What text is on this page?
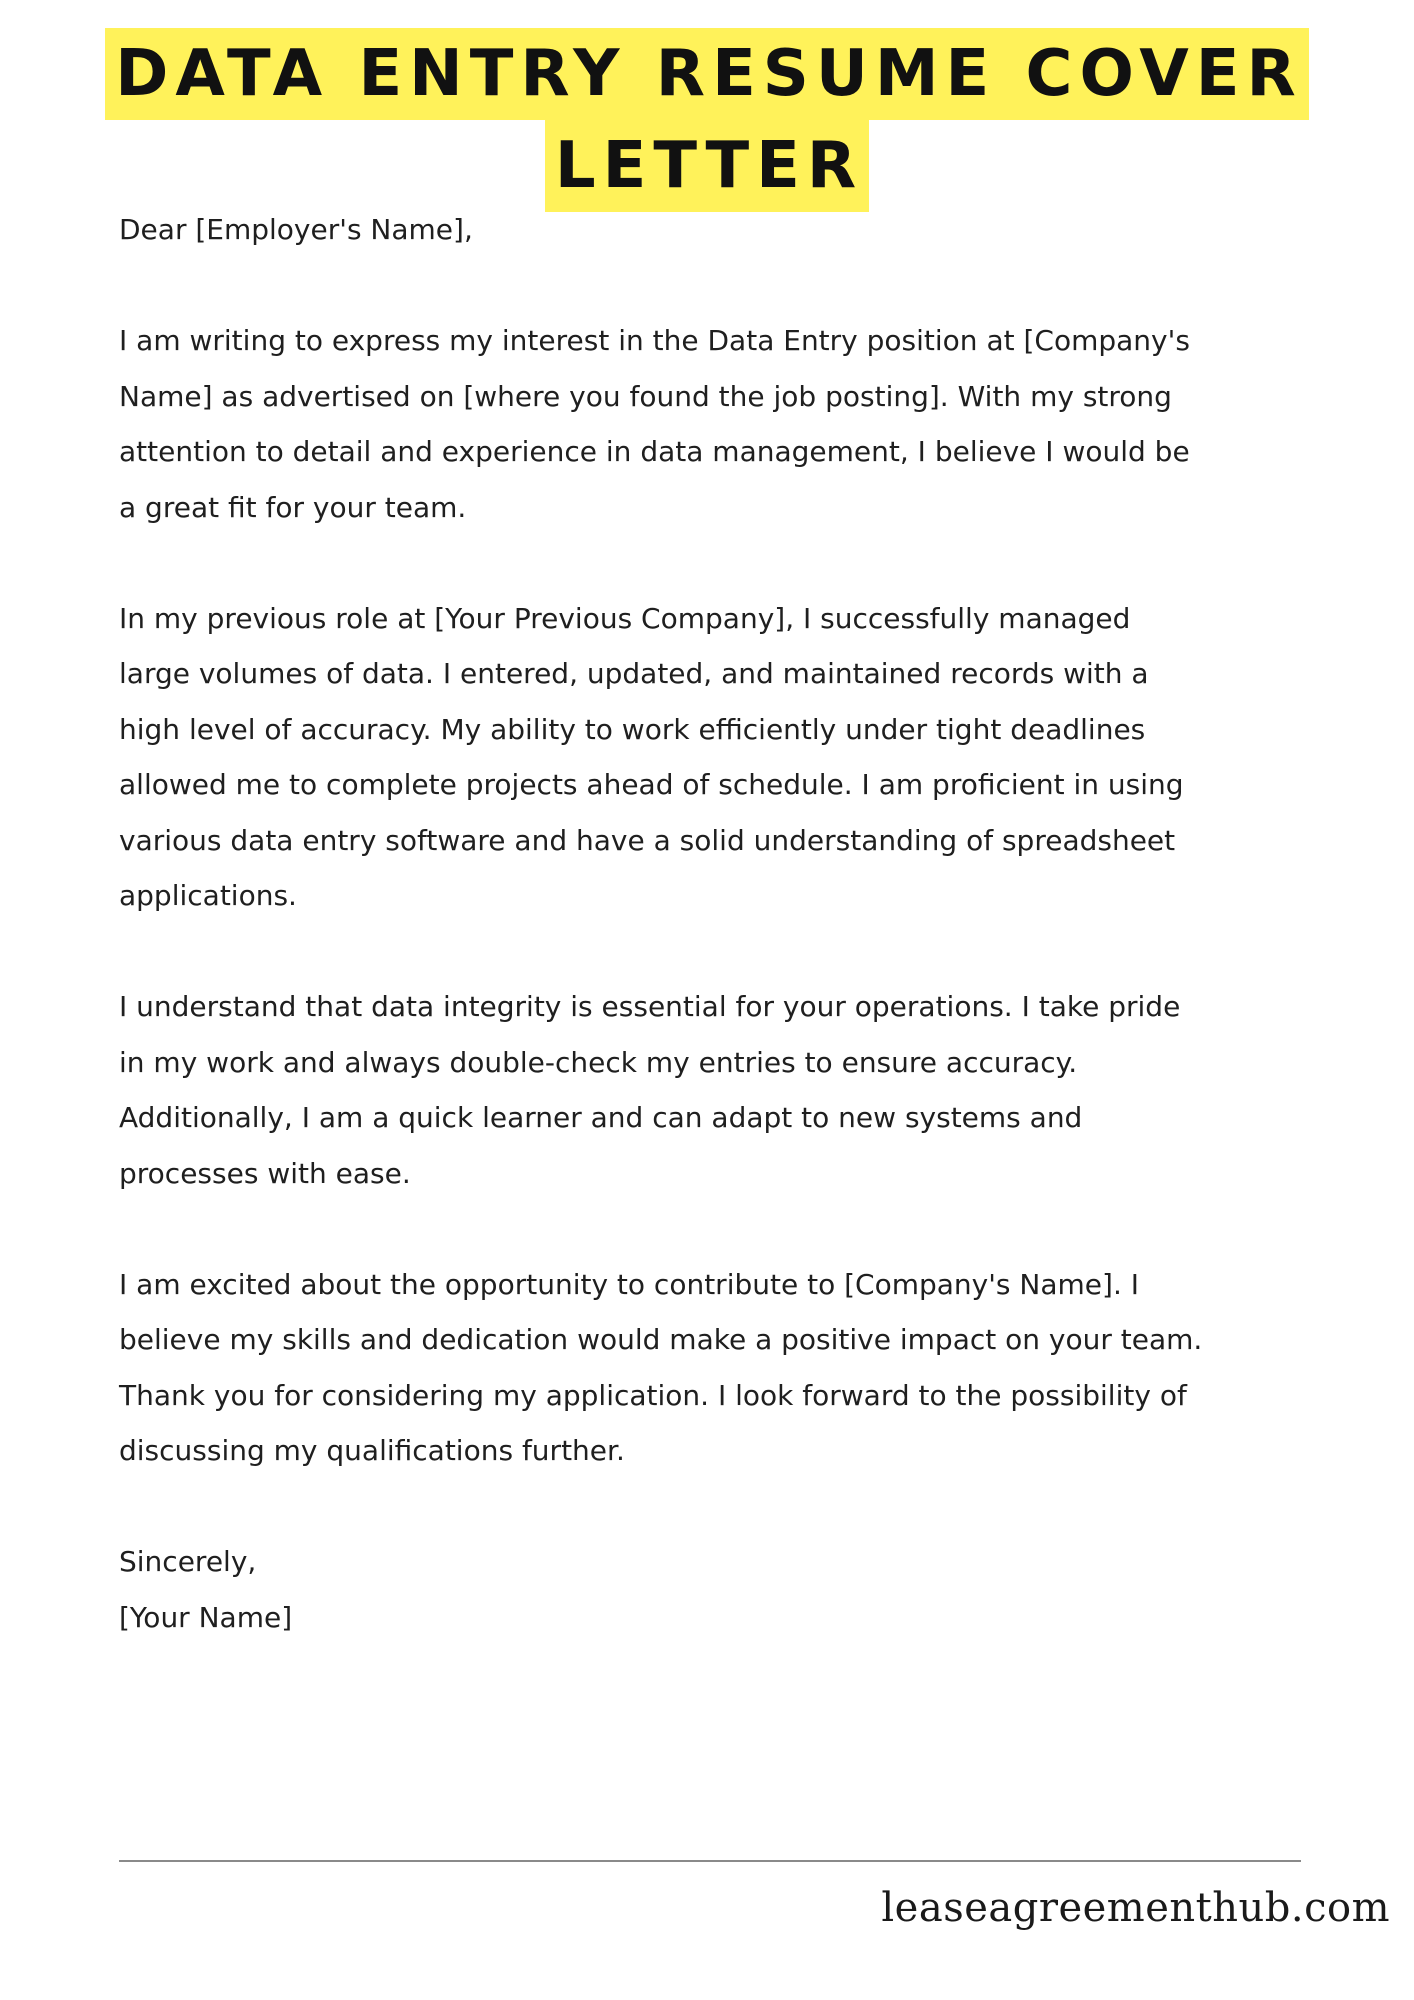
DATA ENTRY RESUME COVER
LETTER

Dear [Employer's Name],

I am writing to express my interest in the Data Entry position at [Company's
Name] as advertised on [where you found the job posting]. With my strong
attention to detail and experience in data management, I believe I would be
a great fit for your team.

In my previous role at [Your Previous Company], I successfully managed
large volumes of data. I entered, updated, and maintained records with a
high level of accuracy. My ability to work efficiently under tight deadlines
allowed me to complete projects ahead of schedule. I am proficient in using
various data entry software and have a solid understanding of spreadsheet
applications.

I understand that data integrity is essential for your operations. I take pride
in my work and always double-check my entries to ensure accuracy.
Additionally, I am a quick learner and can adapt to new systems and
processes with ease.

I am excited about the opportunity to contribute to [Company's Name]. I
believe my skills and dedication would make a positive impact on your team.
Thank you for considering my application. I look forward to the possibility of
discussing my qualifications further.

Sincerely,
[Your Name]

leaseagreementhub.com
